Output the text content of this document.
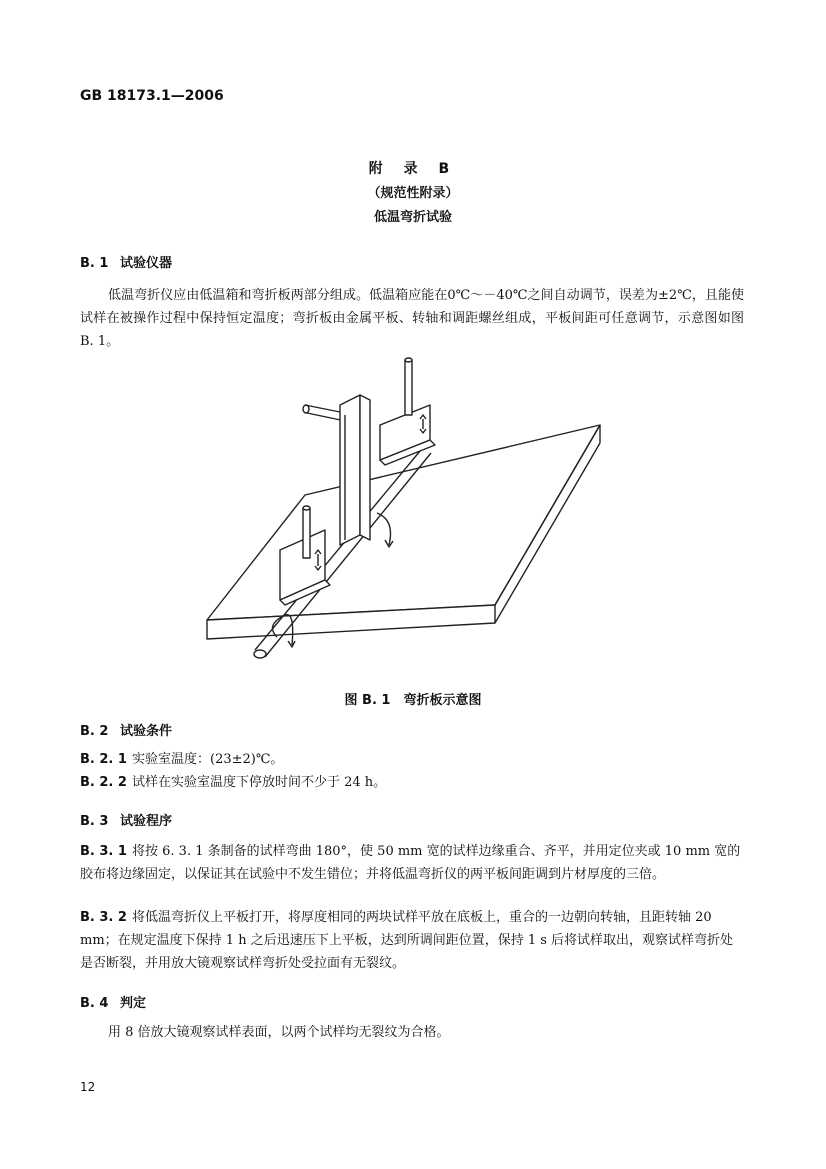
GB 18173.1—2006
附 录 B
（规范性附录）
低温弯折试验
B. 1 试验仪器
低温弯折仪应由低温箱和弯折板两部分组成。低温箱应能在0℃～－40℃之间自动调节，误差为±2℃，且能使试样在被操作过程中保持恒定温度；弯折板由金属平板、转轴和调距螺丝组成，平板间距可任意调节，示意图如图 B. 1。
图 B. 1　弯折板示意图
B. 2 试验条件
B. 2. 1 实验室温度：(23±2)℃。
B. 2. 2 试样在实验室温度下停放时间不少于 24 h。
B. 3 试验程序
B. 3. 1 将按 6. 3. 1 条制备的试样弯曲 180°，使 50 mm 宽的试样边缘重合、齐平，并用定位夹或 10 mm 宽的胶布将边缘固定，以保证其在试验中不发生错位；并将低温弯折仪的两平板间距调到片材厚度的三倍。
B. 3. 2 将低温弯折仪上平板打开，将厚度相同的两块试样平放在底板上，重合的一边朝向转轴，且距转轴 20 mm；在规定温度下保持 1 h 之后迅速压下上平板，达到所调间距位置，保持 1 s 后将试样取出，观察试样弯折处是否断裂，并用放大镜观察试样弯折处受拉面有无裂纹。
B. 4 判定
用 8 倍放大镜观察试样表面，以两个试样均无裂纹为合格。
12
